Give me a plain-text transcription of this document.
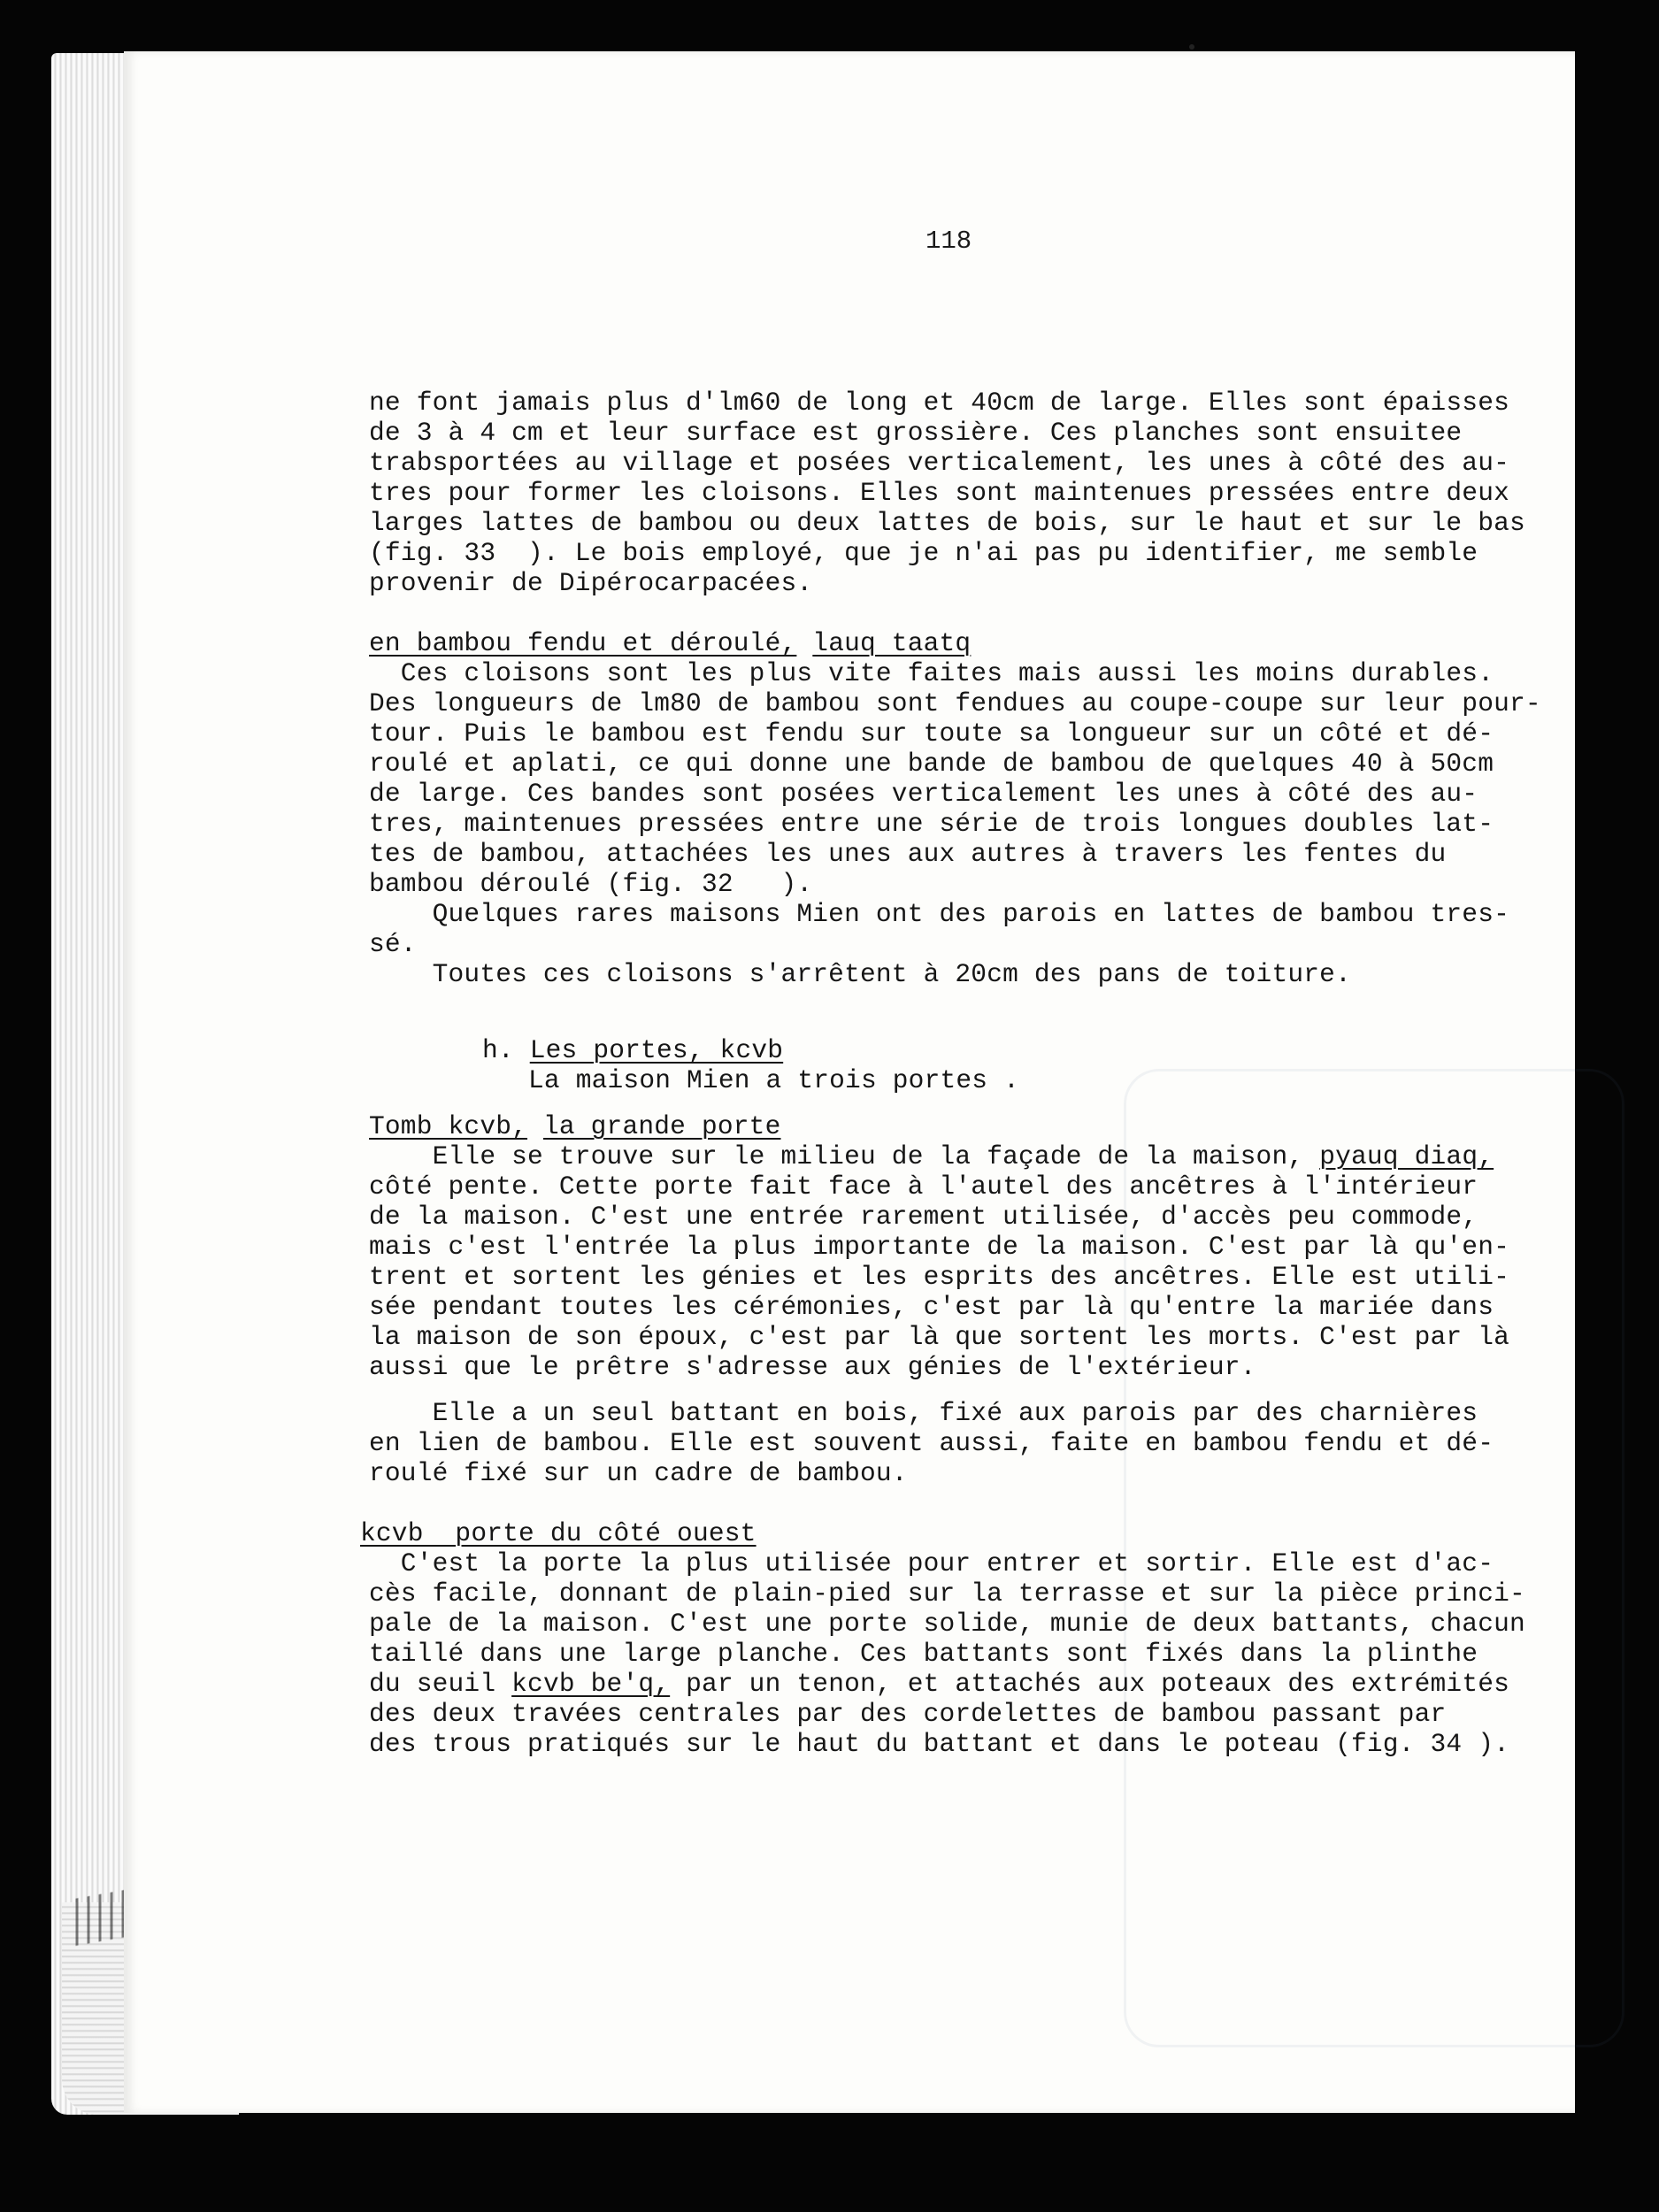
118
ne font jamais plus d'lm60 de long et 40cm de large. Elles sont épaisses
de 3 à 4 cm et leur surface est grossière. Ces planches sont ensuitee
trabsportées au village et posées verticalement, les unes à côté des au-
tres pour former les cloisons. Elles sont maintenues pressées entre deux
larges lattes de bambou ou deux lattes de bois, sur le haut et sur le bas
(fig. 33  ). Le bois employé, que je n'ai pas pu identifier, me semble
provenir de Dipérocarpacées.
en bambou fendu et déroulé, lauq taatq
Ces cloisons sont les plus vite faites mais aussi les moins durables.
Des longueurs de lm80 de bambou sont fendues au coupe-coupe sur leur pour-
tour. Puis le bambou est fendu sur toute sa longueur sur un côté et dé-
roulé et aplati, ce qui donne une bande de bambou de quelques 40 à 50cm
de large. Ces bandes sont posées verticalement les unes à côté des au-
tres, maintenues pressées entre une série de trois longues doubles lat-
tes de bambou, attachées les unes aux autres à travers les fentes du
bambou déroulé (fig. 32   ).
Quelques rares maisons Mien ont des parois en lattes de bambou tres-
sé.
Toutes ces cloisons s'arrêtent à 20cm des pans de toiture.
h. Les portes, kcvb
La maison Mien a trois portes .
Tomb kcvb, la grande porte
Elle se trouve sur le milieu de la façade de la maison, pyauq diaq,
côté pente. Cette porte fait face à l'autel des ancêtres à l'intérieur
de la maison. C'est une entrée rarement utilisée, d'accès peu commode,
mais c'est l'entrée la plus importante de la maison. C'est par là qu'en-
trent et sortent les génies et les esprits des ancêtres. Elle est utili-
sée pendant toutes les cérémonies, c'est par là qu'entre la mariée dans
la maison de son époux, c'est par là que sortent les morts. C'est par là
aussi que le prêtre s'adresse aux génies de l'extérieur.
Elle a un seul battant en bois, fixé aux parois par des charnières
en lien de bambou. Elle est souvent aussi, faite en bambou fendu et dé-
roulé fixé sur un cadre de bambou.
kcvb  porte du côté ouest
C'est la porte la plus utilisée pour entrer et sortir. Elle est d'ac-
cès facile, donnant de plain-pied sur la terrasse et sur la pièce princi-
pale de la maison. C'est une porte solide, munie de deux battants, chacun
taillé dans une large planche. Ces battants sont fixés dans la plinthe
du seuil kcvb be'q, par un tenon, et attachés aux poteaux des extrémités
des deux travées centrales par des cordelettes de bambou passant par
des trous pratiqués sur le haut du battant et dans le poteau (fig. 34 ).
